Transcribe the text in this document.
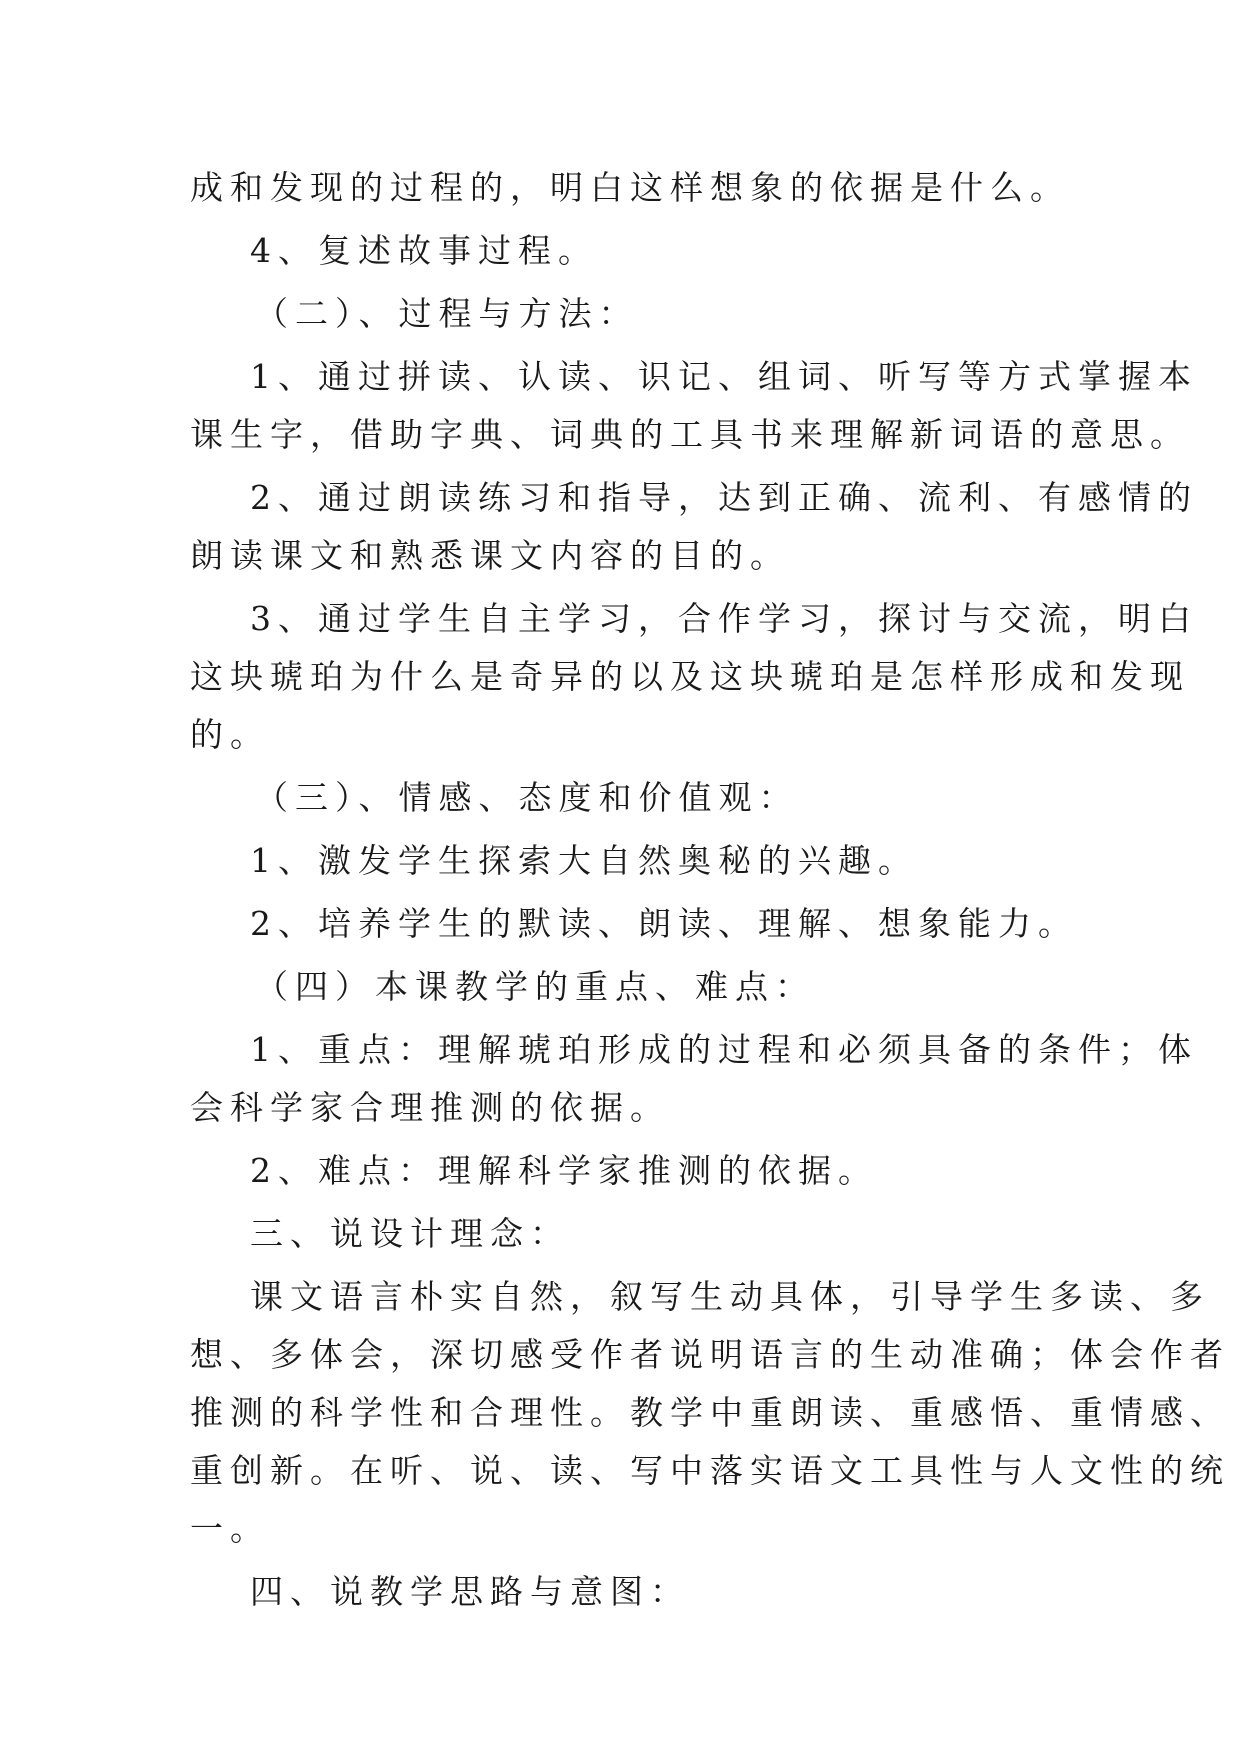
成和发现的过程的，明白这样想象的依据是什么。
4、复述故事过程。
（二）、过程与方法：
1、通过拼读、认读、识记、组词、听写等方式掌握本
课生字，借助字典、词典的工具书来理解新词语的意思。
2、通过朗读练习和指导，达到正确、流利、有感情的
朗读课文和熟悉课文内容的目的。
3、通过学生自主学习，合作学习，探讨与交流，明白
这块琥珀为什么是奇异的以及这块琥珀是怎样形成和发现
的。
（三）、情感、态度和价值观：
1、激发学生探索大自然奥秘的兴趣。
2、培养学生的默读、朗读、理解、想象能力。
（四）本课教学的重点、难点：
1、重点：理解琥珀形成的过程和必须具备的条件；体
会科学家合理推测的依据。
2、难点：理解科学家推测的依据。
三、说设计理念：
课文语言朴实自然，叙写生动具体，引导学生多读、多
想、多体会，深切感受作者说明语言的生动准确；体会作者
推测的科学性和合理性。教学中重朗读、重感悟、重情感、
重创新。在听、说、读、写中落实语文工具性与人文性的统
一。
四、说教学思路与意图：
